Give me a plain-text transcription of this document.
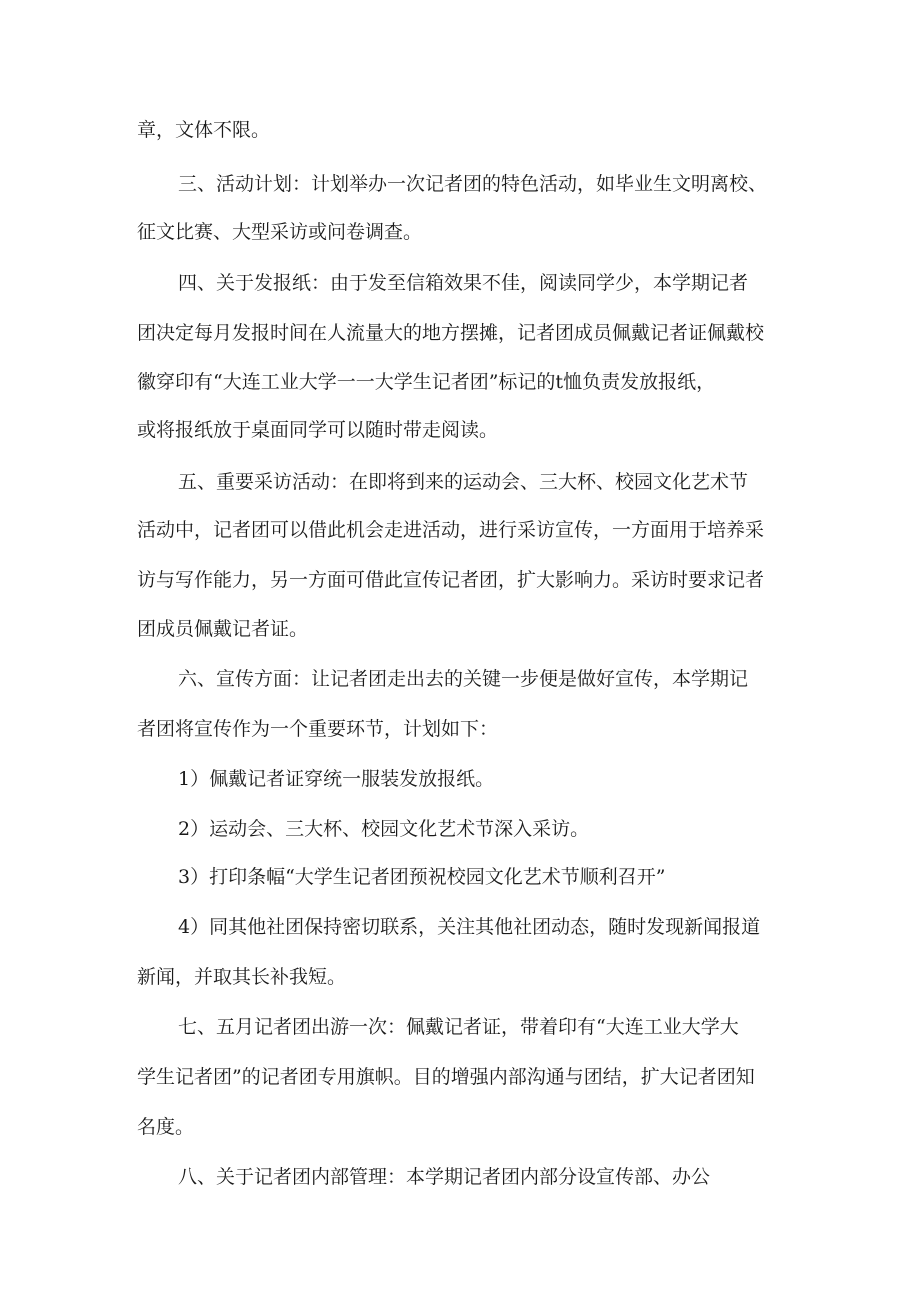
章，文体不限。
三、活动计划：计划举办一次记者团的特色活动，如毕业生文明离校、
征文比赛、大型采访或问卷调查。
四、关于发报纸：由于发至信箱效果不佳，阅读同学少，本学期记者
团决定每月发报时间在人流量大的地方摆摊，记者团成员佩戴记者证佩戴校
徽穿印有“大连工业大学一一大学生记者团”标记的t恤负责发放报纸，
或将报纸放于桌面同学可以随时带走阅读。
五、重要采访活动：在即将到来的运动会、三大杯、校园文化艺术节
活动中，记者团可以借此机会走进活动，进行采访宣传，一方面用于培养采
访与写作能力，另一方面可借此宣传记者团，扩大影响力。采访时要求记者
团成员佩戴记者证。
六、宣传方面：让记者团走出去的关键一步便是做好宣传，本学期记
者团将宣传作为一个重要环节，计划如下：
1）佩戴记者证穿统一服装发放报纸。
2）运动会、三大杯、校园文化艺术节深入采访。
3）打印条幅“大学生记者团预祝校园文化艺术节顺利召开”
4）同其他社团保持密切联系，关注其他社团动态，随时发现新闻报道
新闻，并取其长补我短。
七、五月记者团出游一次：佩戴记者证，带着印有“大连工业大学大
学生记者团”的记者团专用旗帜。目的增强内部沟通与团结，扩大记者团知
名度。
八、关于记者团内部管理：本学期记者团内部分设宣传部、办公
